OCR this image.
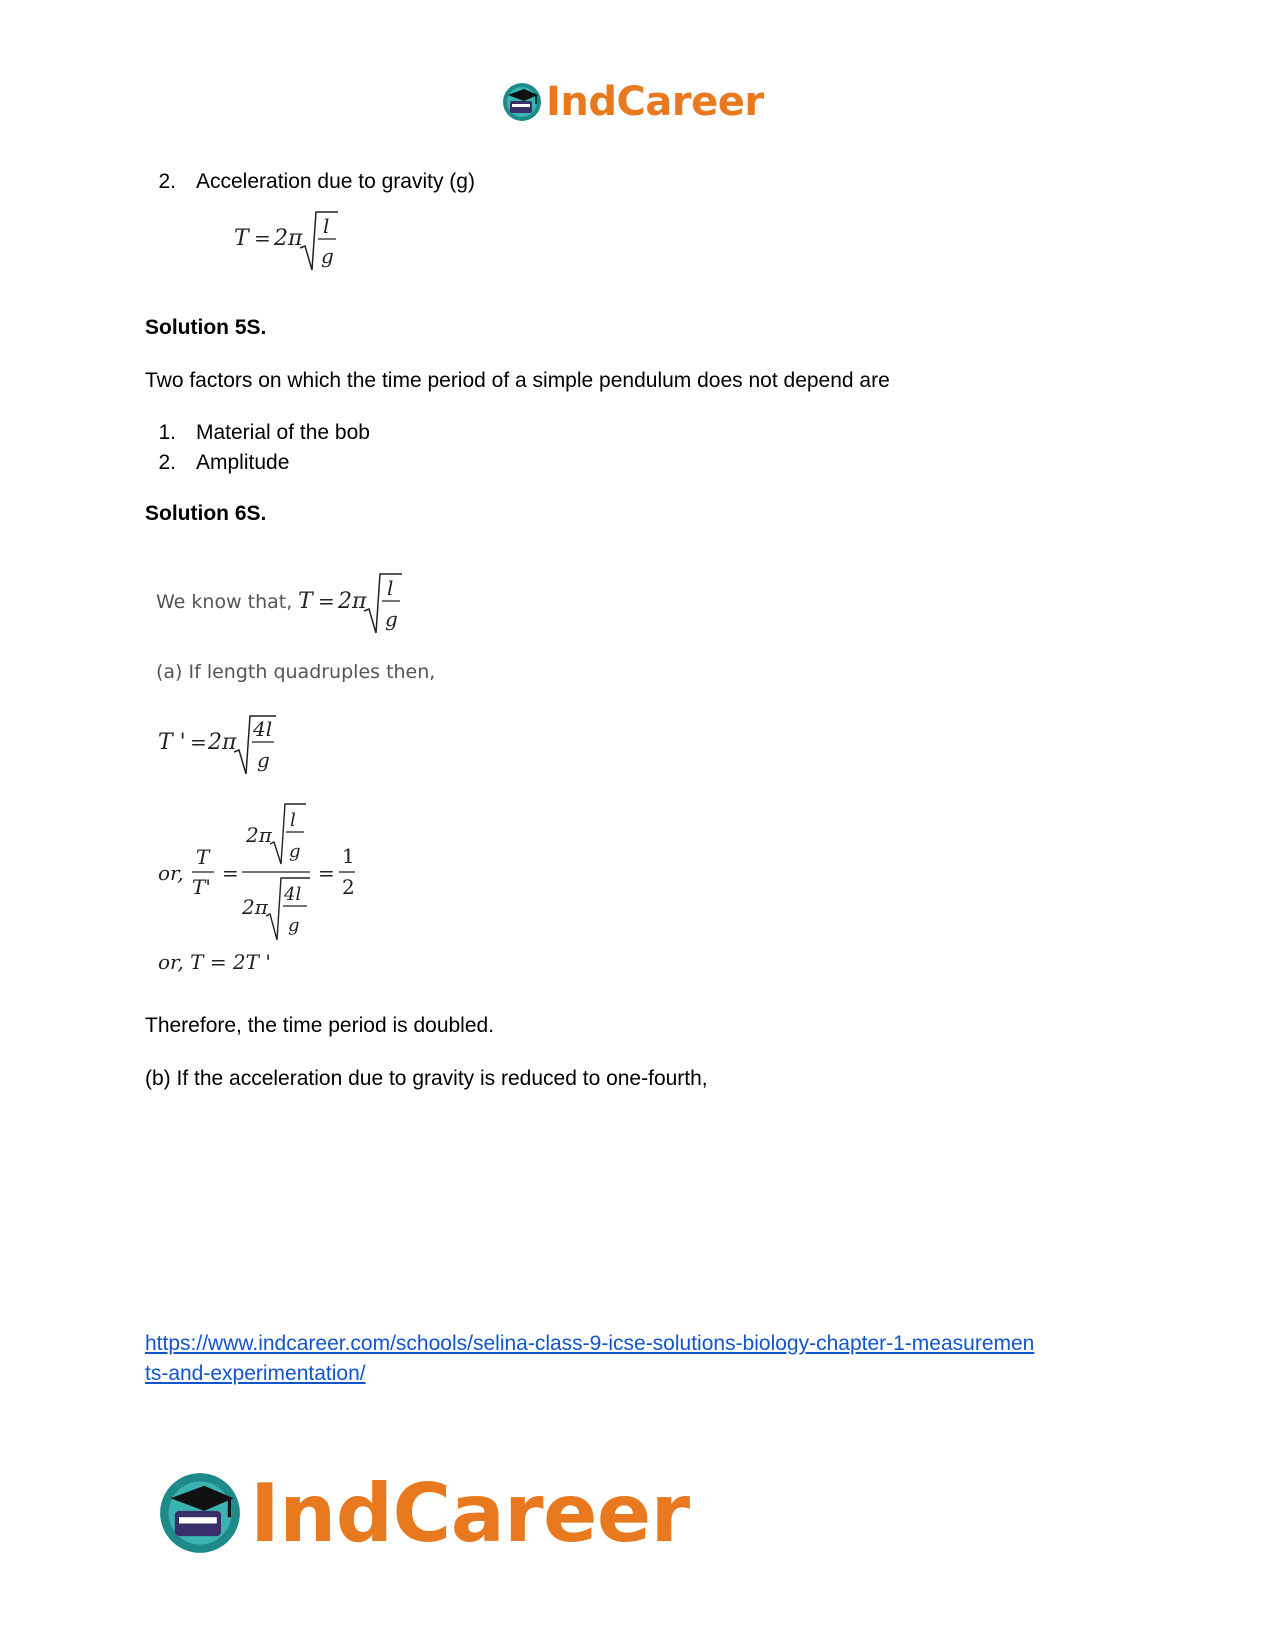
IndCareer
2. Acceleration due to gravity (g)
T = 2π l
g
Solution 5S.
Two factors on which the time period of a simple pendulum does not depend are
1. Material of the bob
2. Amplitude
Solution 6S.
We know that, T = 2π
l
g
(a) If length quadruples then,
T ' = 2π
4l
g
or,
T
T'
=
2π
l
g
2π
4l
g
=
1
2
or, T = 2T '
Therefore, the time period is doubled.
(b) If the acceleration due to gravity is reduced to one-fourth,
https://www.indcareer.com/schools/selina-class-9-icse-solutions-biology-chapter-1-measuremen
ts-and-experimentation/
IndCareer
